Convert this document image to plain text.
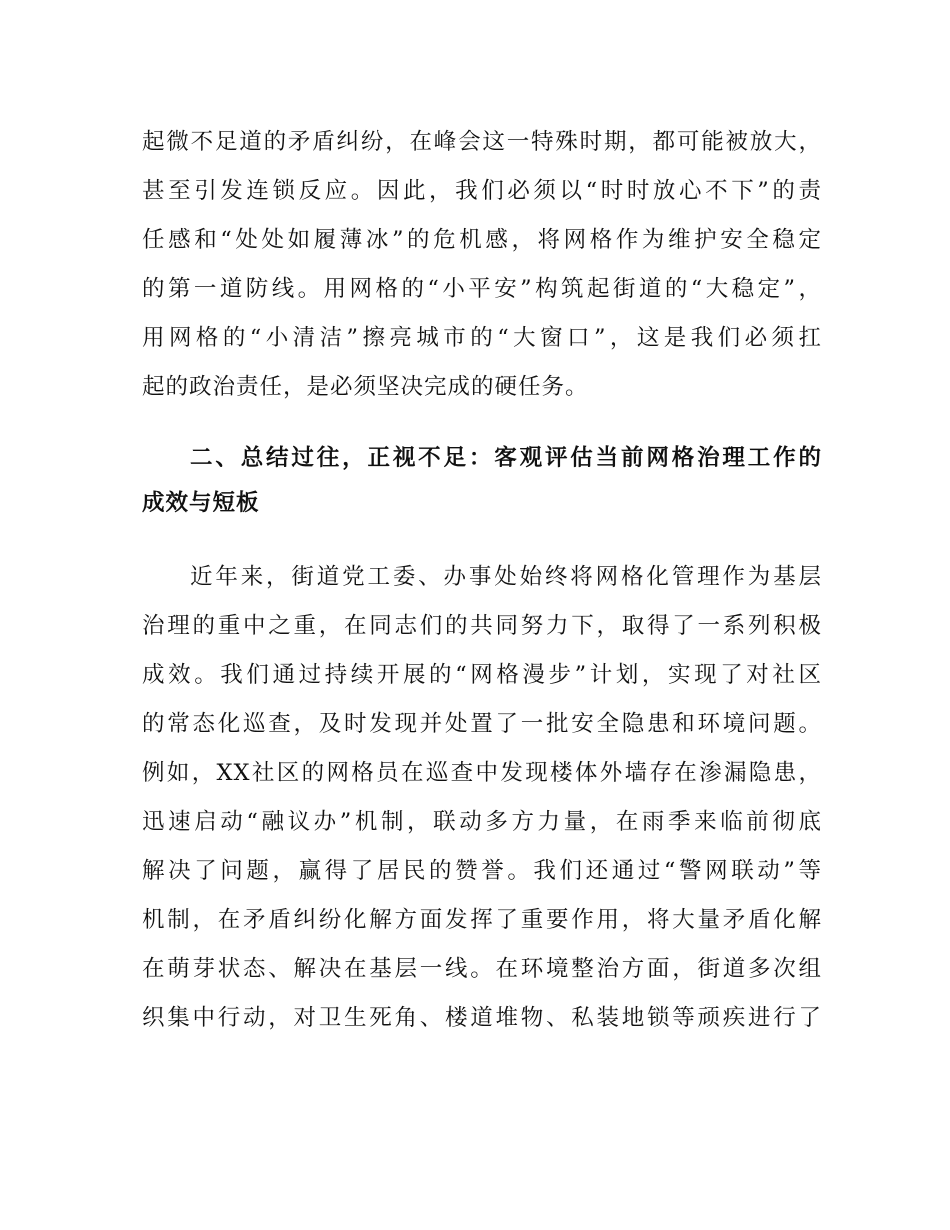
起微不足道的矛盾纠纷，在峰会这一特殊时期，都可能被放大，
甚至引发连锁反应。因此，我们必须以“时时放心不下”的责
任感和“处处如履薄冰”的危机感，将网格作为维护安全稳定
的第一道防线。用网格的“小平安”构筑起街道的“大稳定”，
用网格的“小清洁”擦亮城市的“大窗口”，这是我们必须扛
起的政治责任，是必须坚决完成的硬任务。
二、总结过往，正视不足：客观评估当前网格治理工作的
成效与短板
近年来，街道党工委、办事处始终将网格化管理作为基层
治理的重中之重，在同志们的共同努力下，取得了一系列积极
成效。我们通过持续开展的“网格漫步”计划，实现了对社区
的常态化巡查，及时发现并处置了一批安全隐患和环境问题。
例如，XX社区的网格员在巡查中发现楼体外墙存在渗漏隐患，
迅速启动“融议办”机制，联动多方力量，在雨季来临前彻底
解决了问题，赢得了居民的赞誉。我们还通过“警网联动”等
机制，在矛盾纠纷化解方面发挥了重要作用，将大量矛盾化解
在萌芽状态、解决在基层一线。在环境整治方面，街道多次组
织集中行动，对卫生死角、楼道堆物、私装地锁等顽疾进行了
